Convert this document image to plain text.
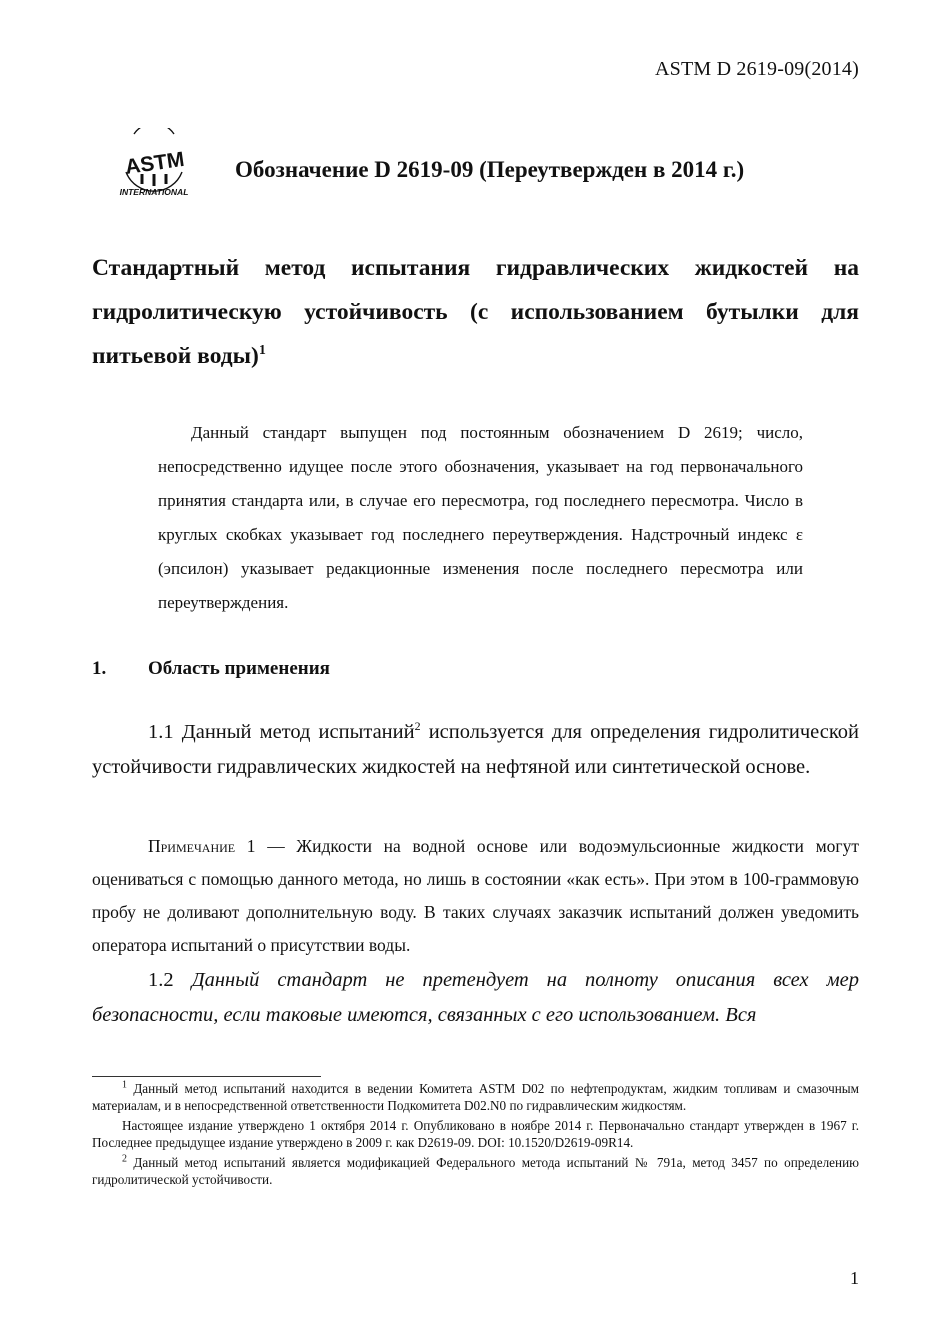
ASTM D 2619-09(2014)
ASTM
INTERNATIONAL
Обозначение D 2619-09 (Переутвержден в 2014 г.)
Стандартный метод испытания гидравлических жидкостей на гидролитическую устойчивость (с использованием бутылки для питьевой воды)$^1$
Данный стандарт выпущен под постоянным обозначением D 2619; число, непосредственно идущее после этого обозначения, указывает на год первоначального принятия стандарта или, в случае его пересмотра, год последнего пересмотра. Число в круглых скобках указывает год последнего переутверждения. Надстрочный индекс ε (эпсилон) указывает редакционные изменения после последнего пересмотра или переутверждения.
1. Область применения
1.1 Данный метод испытаний$^2$ используется для определения гидролитической устойчивости гидравлических жидкостей на нефтяной или синтетической основе.
Примечание 1 — Жидкости на водной основе или водоэмульсионные жидкости могут оцениваться с помощью данного метода, но лишь в состоянии «как есть». При этом в 100-граммовую пробу не доливают дополнительную воду. В таких случаях заказчик испытаний должен уведомить оператора испытаний о присутствии воды.
1.2 Данный стандарт не претендует на полноту описания всех мер безопасности, если таковые имеются, связанных с его использованием. Вся

$^1$ Данный метод испытаний находится в ведении Комитета ASTM D02 по нефтепродуктам, жидким топливам и смазочным материалам, и в непосредственной ответственности Подкомитета D02.N0 по гидравлическим жидкостям.

Настоящее издание утверждено 1 октября 2014 г. Опубликовано в ноябре 2014 г. Первоначально стандарт утвержден в 1967 г. Последнее предыдущее издание утверждено в 2009 г. как D2619-09. DOI: 10.1520/D2619-09R14.

$^2$ Данный метод испытаний является модификацией Федерального метода испытаний № 791а, метод 3457 по определению гидролитической устойчивости.

1
